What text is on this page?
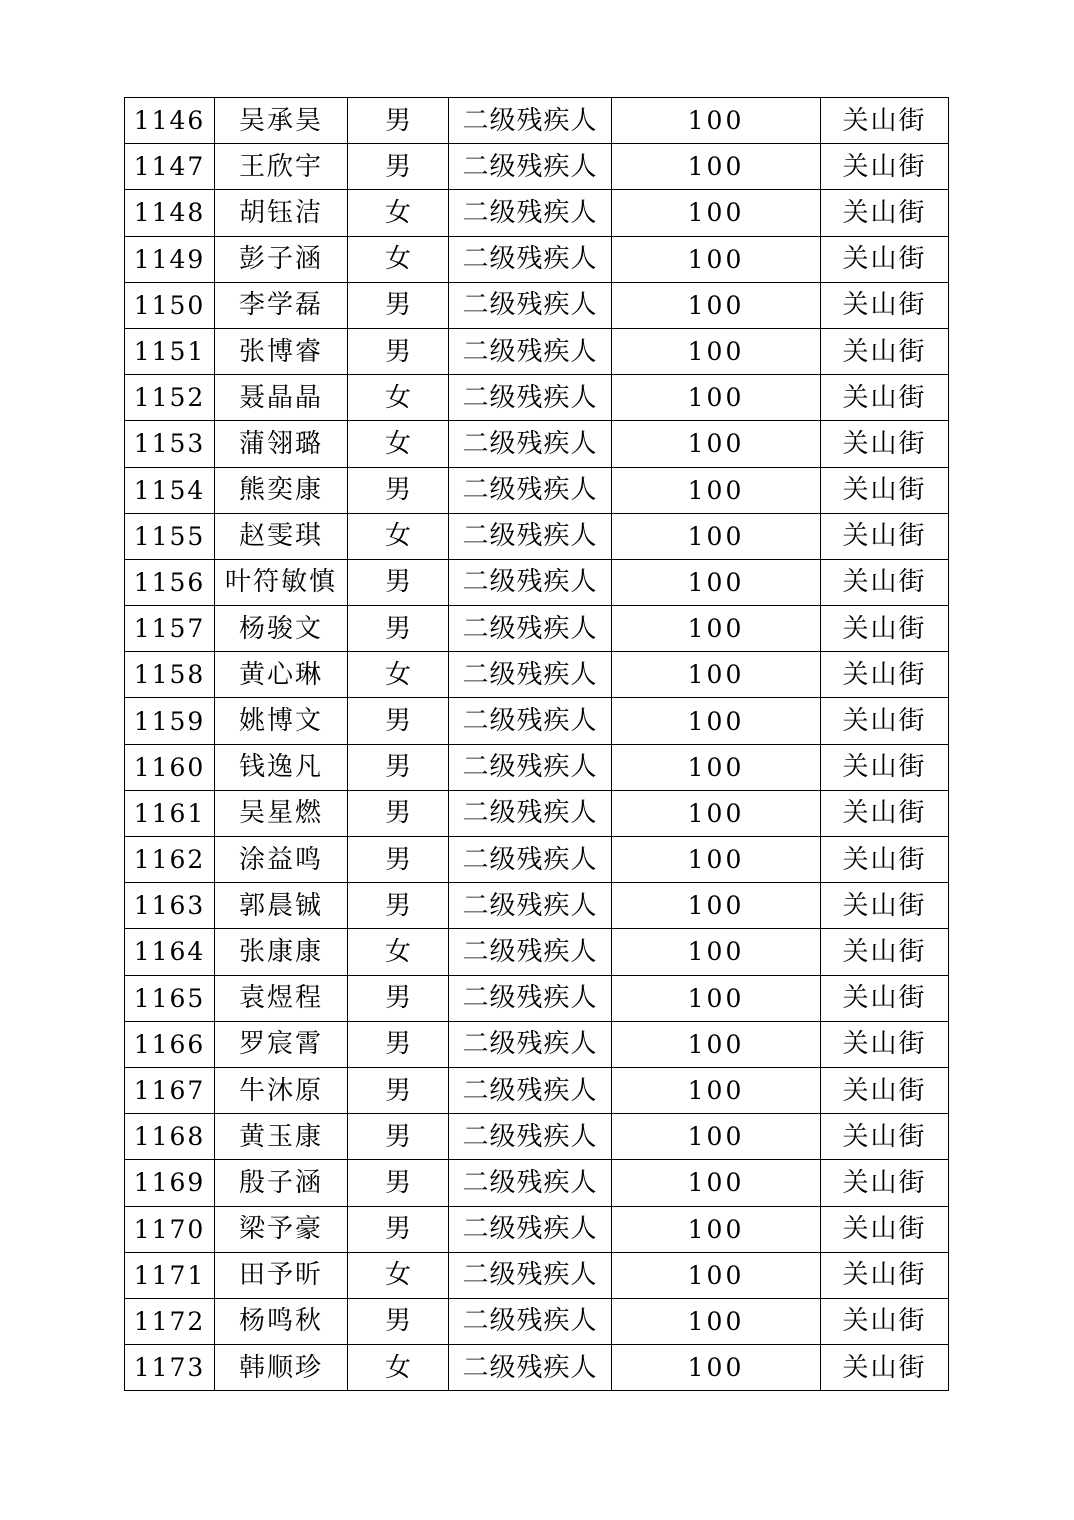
1146	吴承昊	男	二级残疾人	100	关山街
1147	王欣宇	男	二级残疾人	100	关山街
1148	胡钰洁	女	二级残疾人	100	关山街
1149	彭子涵	女	二级残疾人	100	关山街
1150	李学磊	男	二级残疾人	100	关山街
1151	张博睿	男	二级残疾人	100	关山街
1152	聂晶晶	女	二级残疾人	100	关山街
1153	蒲翎璐	女	二级残疾人	100	关山街
1154	熊奕康	男	二级残疾人	100	关山街
1155	赵雯琪	女	二级残疾人	100	关山街
1156	叶符敏慎	男	二级残疾人	100	关山街
1157	杨骏文	男	二级残疾人	100	关山街
1158	黄心琳	女	二级残疾人	100	关山街
1159	姚博文	男	二级残疾人	100	关山街
1160	钱逸凡	男	二级残疾人	100	关山街
1161	吴星燃	男	二级残疾人	100	关山街
1162	涂益鸣	男	二级残疾人	100	关山街
1163	郭晨铖	男	二级残疾人	100	关山街
1164	张康康	女	二级残疾人	100	关山街
1165	袁煜程	男	二级残疾人	100	关山街
1166	罗宸霄	男	二级残疾人	100	关山街
1167	牛沐原	男	二级残疾人	100	关山街
1168	黄玉康	男	二级残疾人	100	关山街
1169	殷子涵	男	二级残疾人	100	关山街
1170	梁予豪	男	二级残疾人	100	关山街
1171	田予昕	女	二级残疾人	100	关山街
1172	杨鸣秋	男	二级残疾人	100	关山街
1173	韩顺珍	女	二级残疾人	100	关山街
